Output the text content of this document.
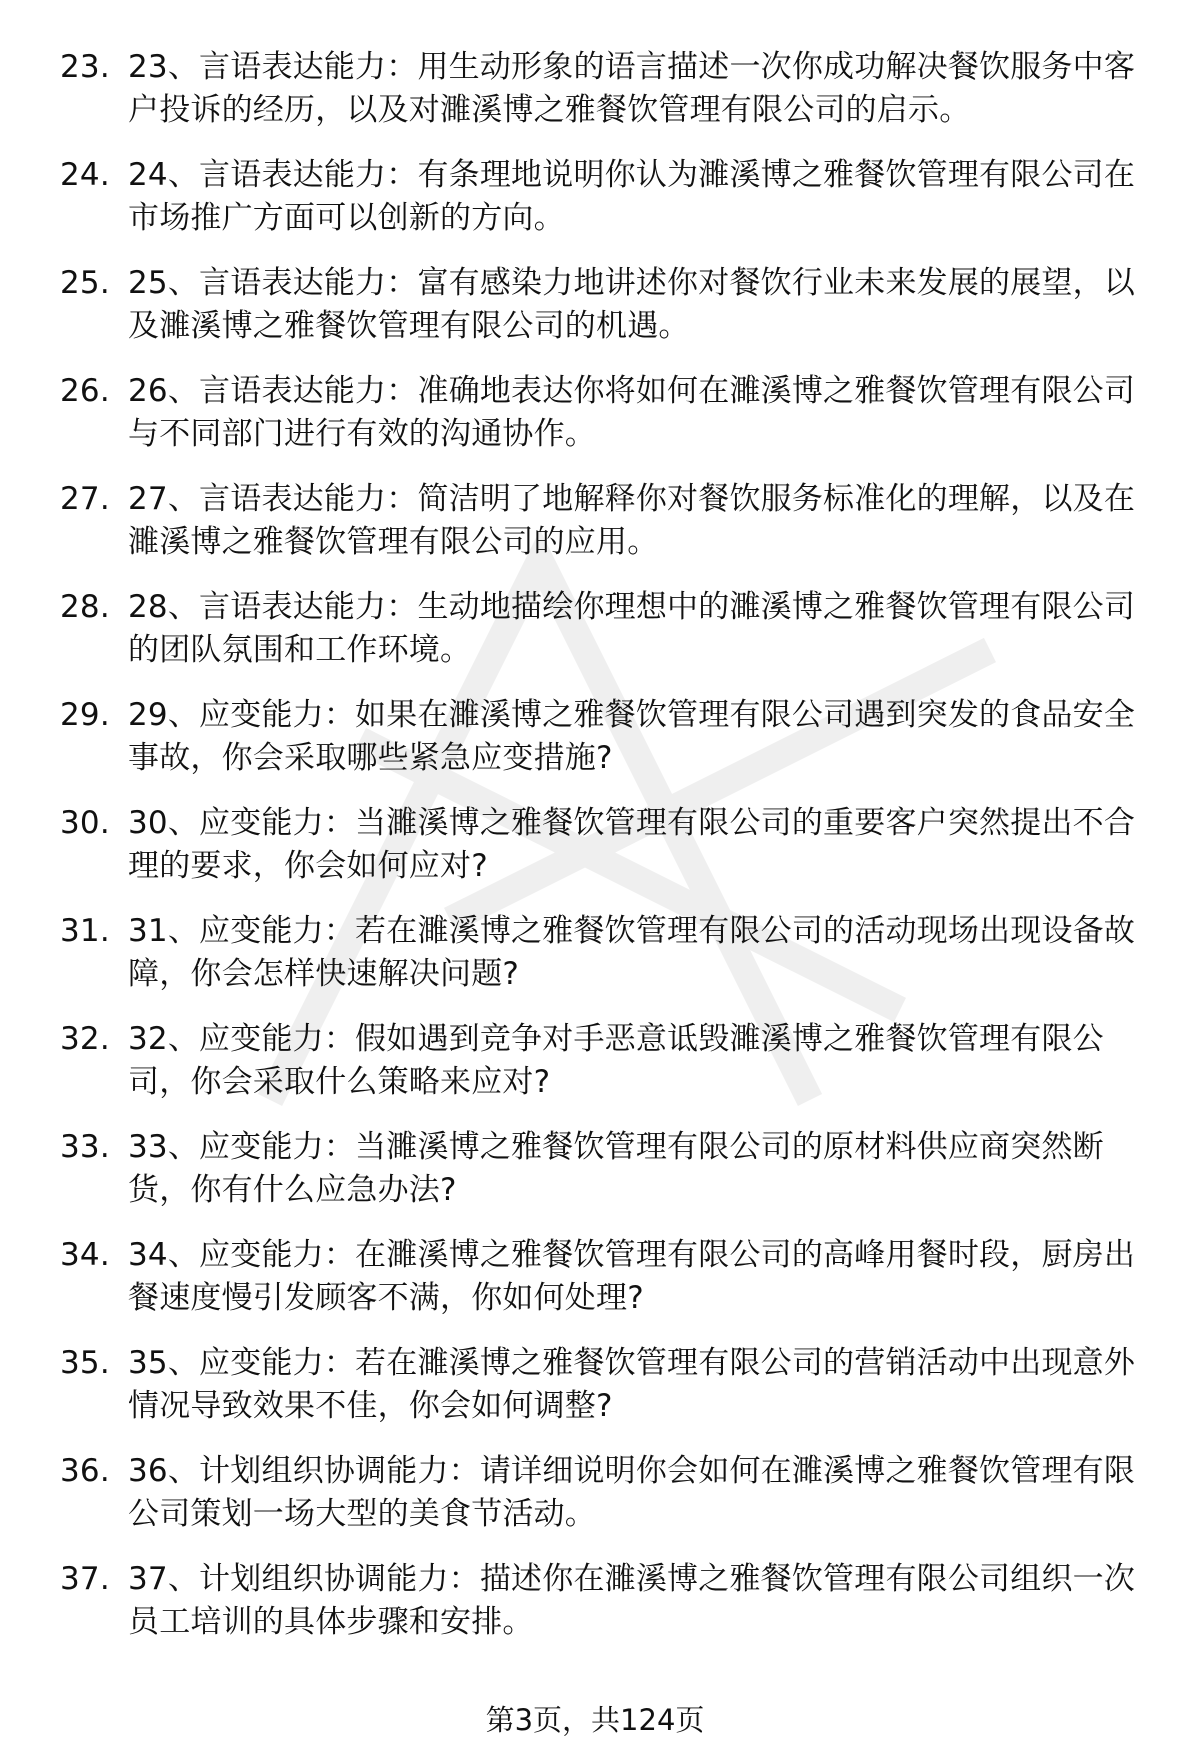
23. 23、言语表达能力：用生动形象的语言描述一次你成功解决餐饮服务中客户投诉的经历，以及对濉溪博之雅餐饮管理有限公司的启示。
24. 24、言语表达能力：有条理地说明你认为濉溪博之雅餐饮管理有限公司在市场推广方面可以创新的方向。
25. 25、言语表达能力：富有感染力地讲述你对餐饮行业未来发展的展望，以及濉溪博之雅餐饮管理有限公司的机遇。
26. 26、言语表达能力：准确地表达你将如何在濉溪博之雅餐饮管理有限公司与不同部门进行有效的沟通协作。
27. 27、言语表达能力：简洁明了地解释你对餐饮服务标准化的理解，以及在濉溪博之雅餐饮管理有限公司的应用。
28. 28、言语表达能力：生动地描绘你理想中的濉溪博之雅餐饮管理有限公司的团队氛围和工作环境。
29. 29、应变能力：如果在濉溪博之雅餐饮管理有限公司遇到突发的食品安全事故，你会采取哪些紧急应变措施?
30. 30、应变能力：当濉溪博之雅餐饮管理有限公司的重要客户突然提出不合理的要求，你会如何应对?
31. 31、应变能力：若在濉溪博之雅餐饮管理有限公司的活动现场出现设备故障，你会怎样快速解决问题?
32. 32、应变能力：假如遇到竞争对手恶意诋毁濉溪博之雅餐饮管理有限公司，你会采取什么策略来应对?
33. 33、应变能力：当濉溪博之雅餐饮管理有限公司的原材料供应商突然断货，你有什么应急办法?
34. 34、应变能力：在濉溪博之雅餐饮管理有限公司的高峰用餐时段，厨房出餐速度慢引发顾客不满，你如何处理?
35. 35、应变能力：若在濉溪博之雅餐饮管理有限公司的营销活动中出现意外情况导致效果不佳，你会如何调整?
36. 36、计划组织协调能力：请详细说明你会如何在濉溪博之雅餐饮管理有限公司策划一场大型的美食节活动。
37. 37、计划组织协调能力：描述你在濉溪博之雅餐饮管理有限公司组织一次员工培训的具体步骤和安排。
第3页，共124页
